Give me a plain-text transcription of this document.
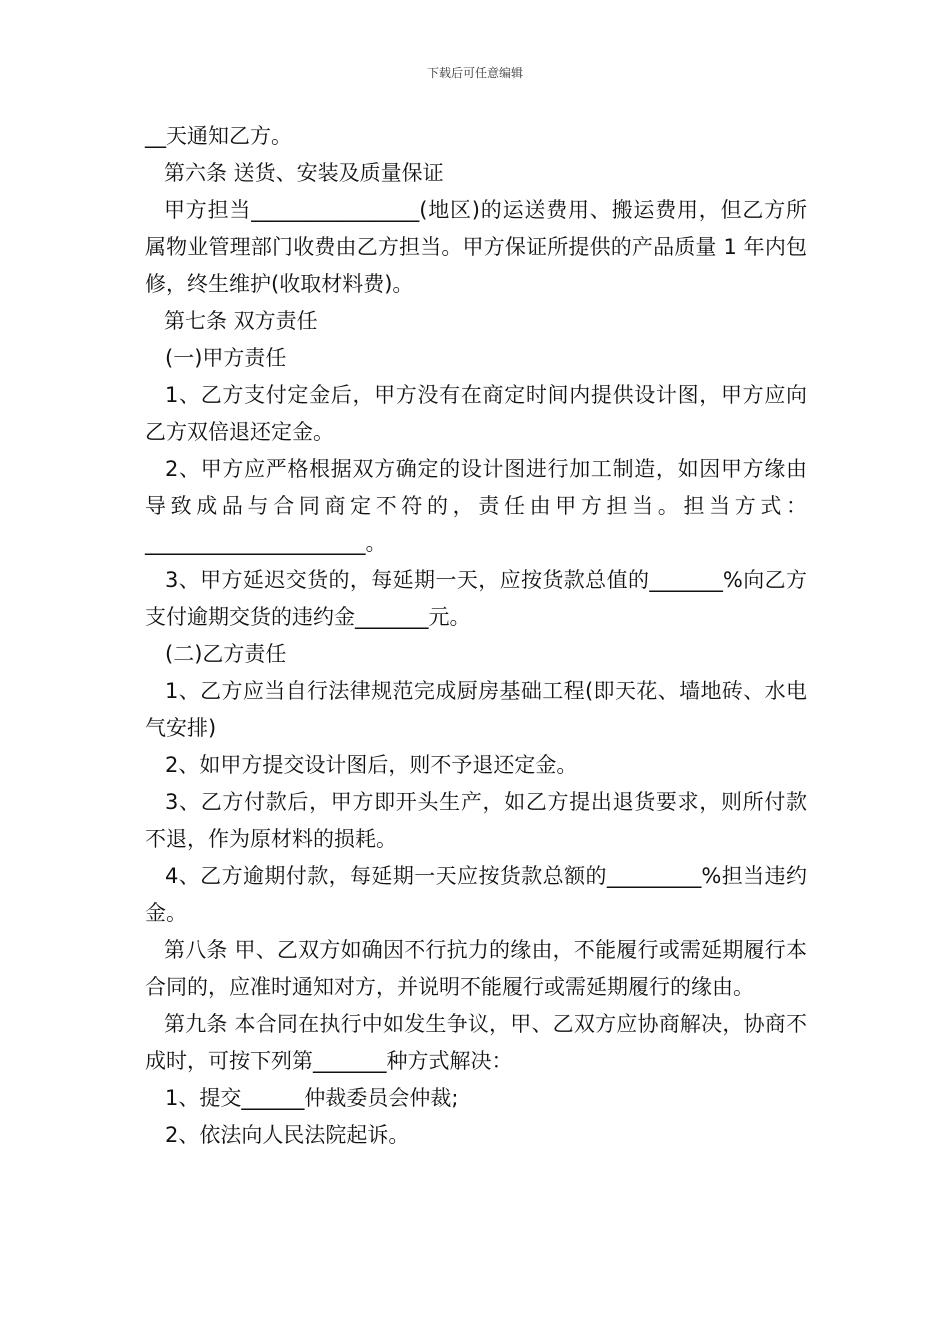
下载后可任意编辑

__天通知乙方。

第六条 送货、安装及质量保证

甲方担当________________(地区)的运送费用、搬运费用，但乙方所属物业管理部门收费由乙方担当。甲方保证所提供的产品质量 1 年内包修，终生维护(收取材料费)。

第七条 双方责任

(一)甲方责任

1、乙方支付定金后，甲方没有在商定时间内提供设计图，甲方应向乙方双倍退还定金。

2、甲方应严格根据双方确定的设计图进行加工制造，如因甲方缘由导致成品与合同商定不符的，责任由甲方担当。担当方式：_____________________。

3、甲方延迟交货的，每延期一天，应按货款总值的_______%向乙方支付逾期交货的违约金_______元。

(二)乙方责任

1、乙方应当自行法律规范完成厨房基础工程(即天花、墙地砖、水电气安排)

2、如甲方提交设计图后，则不予退还定金。

3、乙方付款后，甲方即开头生产，如乙方提出退货要求，则所付款不退，作为原材料的损耗。

4、乙方逾期付款，每延期一天应按货款总额的_________%担当违约金。

第八条 甲、乙双方如确因不行抗力的缘由，不能履行或需延期履行本合同的，应准时通知对方，并说明不能履行或需延期履行的缘由。

第九条 本合同在执行中如发生争议，甲、乙双方应协商解决，协商不成时，可按下列第_______种方式解决：

1、提交______仲裁委员会仲裁;

2、依法向人民法院起诉。
